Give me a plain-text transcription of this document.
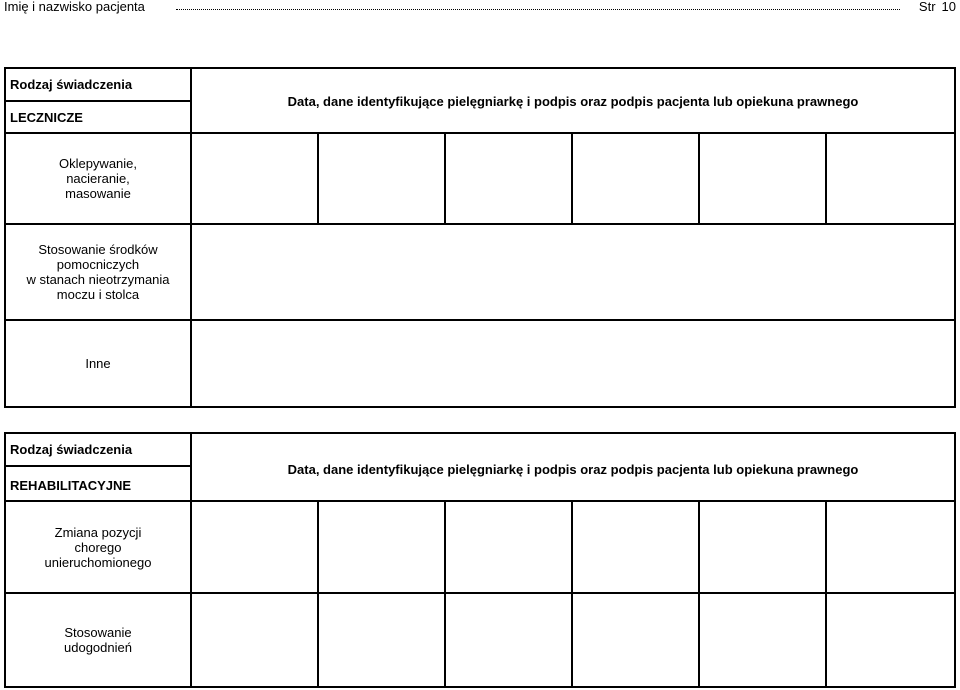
Imię i nazwisko pacjenta	Str 10
Rodzaj świadczenia
LECZNICZE
Data, dane identyfikujące pielęgniarkę i podpis oraz podpis pacjenta lub opiekuna prawnego
Oklepywanie,
nacieranie,
masowanie
Stosowanie środków
pomocniczych
w stanach nieotrzymania
moczu i stolca
Inne
Rodzaj świadczenia
REHABILITACYJNE
Data, dane identyfikujące pielęgniarkę i podpis oraz podpis pacjenta lub opiekuna prawnego
Zmiana pozycji
chorego
unieruchomionego
Stosowanie
udogodnień
